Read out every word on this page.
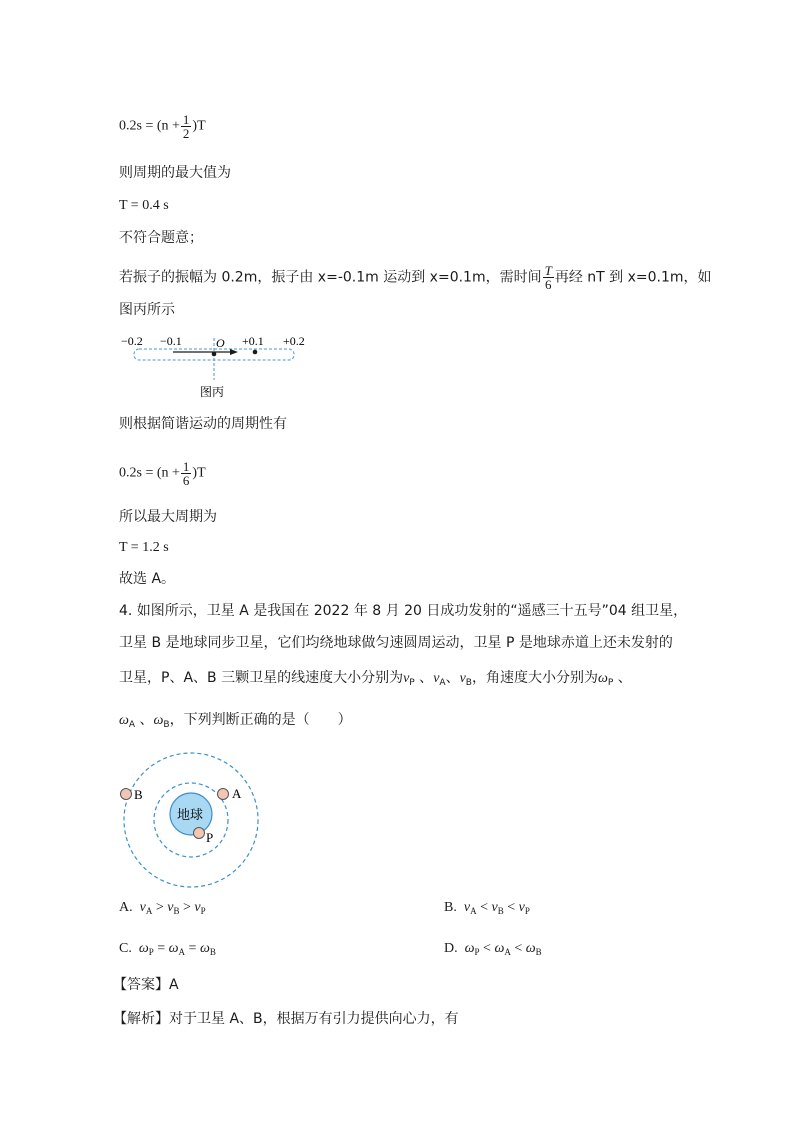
$0.2s = (n + \frac{1}{2} )T$
则周期的最大值为
T = 0.4 s
不符合题意；
若振子的振幅为 0.2m，振子由 x=-0.1m 运动到 x=0.1m，需时间 $\frac{T}{6}$ 再经 nT 到 x=0.1m，如
图丙所示
−0.2 −0.1	O +0.1 +0.2
图丙
则根据简谐运动的周期性有
$0.2s = (n + \frac{1}{6} )T$
所以最大周期为
T = 1.2 s
故选 A。
4. 如图所示，卫星 A 是我国在 2022 年 8 月 20 日成功发射的“遥感三十五号”04 组卫星，
卫星 B 是地球同步卫星，它们均绕地球做匀速圆周运动，卫星 P 是地球赤道上还未发射的
卫星，P、A、B 三颗卫星的线速度大小分别为$v_P$ 、$v_A$、$v_B$，角速度大小分别为$\omega_P$ 、
$\omega_A$ 、$\omega_B$，下列判断正确的是（　　）
地球
A
B
P
A. $v_A > v_B > v_P$	B. $v_A < v_B < v_P$
C. $\omega_P = \omega_A = \omega_B$	D. $\omega_P < \omega_A < \omega_B$
【答案】A
【解析】对于卫星 A、B，根据万有引力提供向心力，有
